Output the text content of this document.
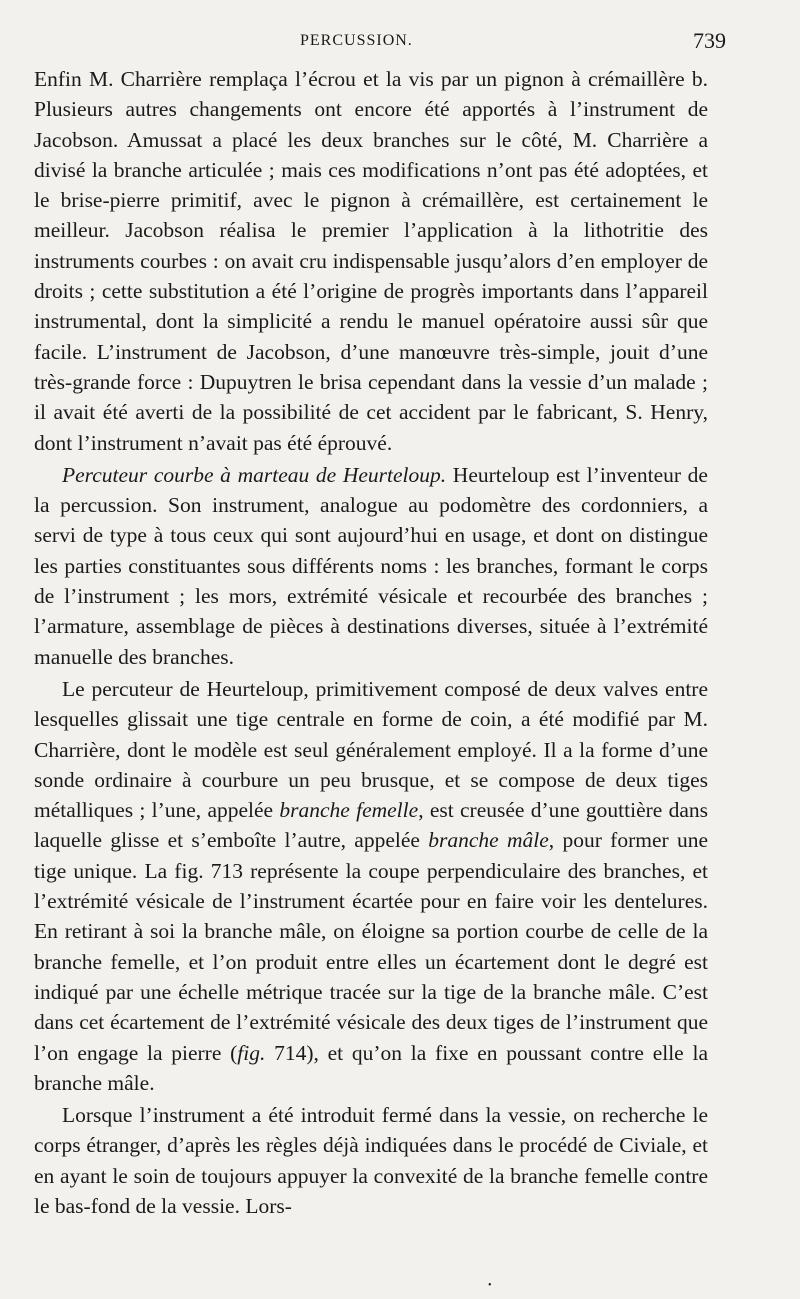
PERCUSSION.	739

Enfin M. Charrière remplaça l’écrou et la vis par un pignon à crémaillère b. Plusieurs autres changements ont encore été apportés à l’instrument de Jacobson. Amussat a placé les deux branches sur le côté, M. Charrière a divisé la branche articulée ; mais ces modifications n’ont pas été adoptées, et le brise-pierre primitif, avec le pignon à crémaillère, est certainement le meilleur. Jacobson réalisa le premier l’application à la lithotritie des instruments courbes : on avait cru indispensable jusqu’alors d’en employer de droits ; cette substitution a été l’origine de progrès importants dans l’appareil instrumental, dont la simplicité a rendu le manuel opératoire aussi sûr que facile. L’instrument de Jacobson, d’une manœuvre très-simple, jouit d’une très-grande force : Dupuytren le brisa cependant dans la vessie d’un malade ; il avait été averti de la possibilité de cet accident par le fabricant, S. Henry, dont l’instrument n’avait pas été éprouvé.

Percuteur courbe à marteau de Heurteloup. Heurteloup est l’inventeur de la percussion. Son instrument, analogue au podomètre des cordonniers, a servi de type à tous ceux qui sont aujourd’hui en usage, et dont on distingue les parties constituantes sous différents noms : les branches, formant le corps de l’instrument ; les mors, extrémité vésicale et recourbée des branches ; l’armature, assemblage de pièces à destinations diverses, située à l’extrémité manuelle des branches.

Le percuteur de Heurteloup, primitivement composé de deux valves entre lesquelles glissait une tige centrale en forme de coin, a été modifié par M. Charrière, dont le modèle est seul généralement employé. Il a la forme d’une sonde ordinaire à courbure un peu brusque, et se compose de deux tiges métalliques ; l’une, appelée branche femelle, est creusée d’une gouttière dans laquelle glisse et s’emboîte l’autre, appelée branche mâle, pour former une tige unique. La fig. 713 représente la coupe perpendiculaire des branches, et l’extrémité vésicale de l’instrument écartée pour en faire voir les dentelures. En retirant à soi la branche mâle, on éloigne sa portion courbe de celle de la branche femelle, et l’on produit entre elles un écartement dont le degré est indiqué par une échelle métrique tracée sur la tige de la branche mâle. C’est dans cet écartement de l’extrémité vésicale des deux tiges de l’instrument que l’on engage la pierre (fig. 714), et qu’on la fixe en poussant contre elle la branche mâle.

Lorsque l’instrument a été introduit fermé dans la vessie, on recherche le corps étranger, d’après les règles déjà indiquées dans le procédé de Civiale, et en ayant le soin de toujours appuyer la convexité de la branche femelle contre le bas-fond de la vessie. Lors-

•
